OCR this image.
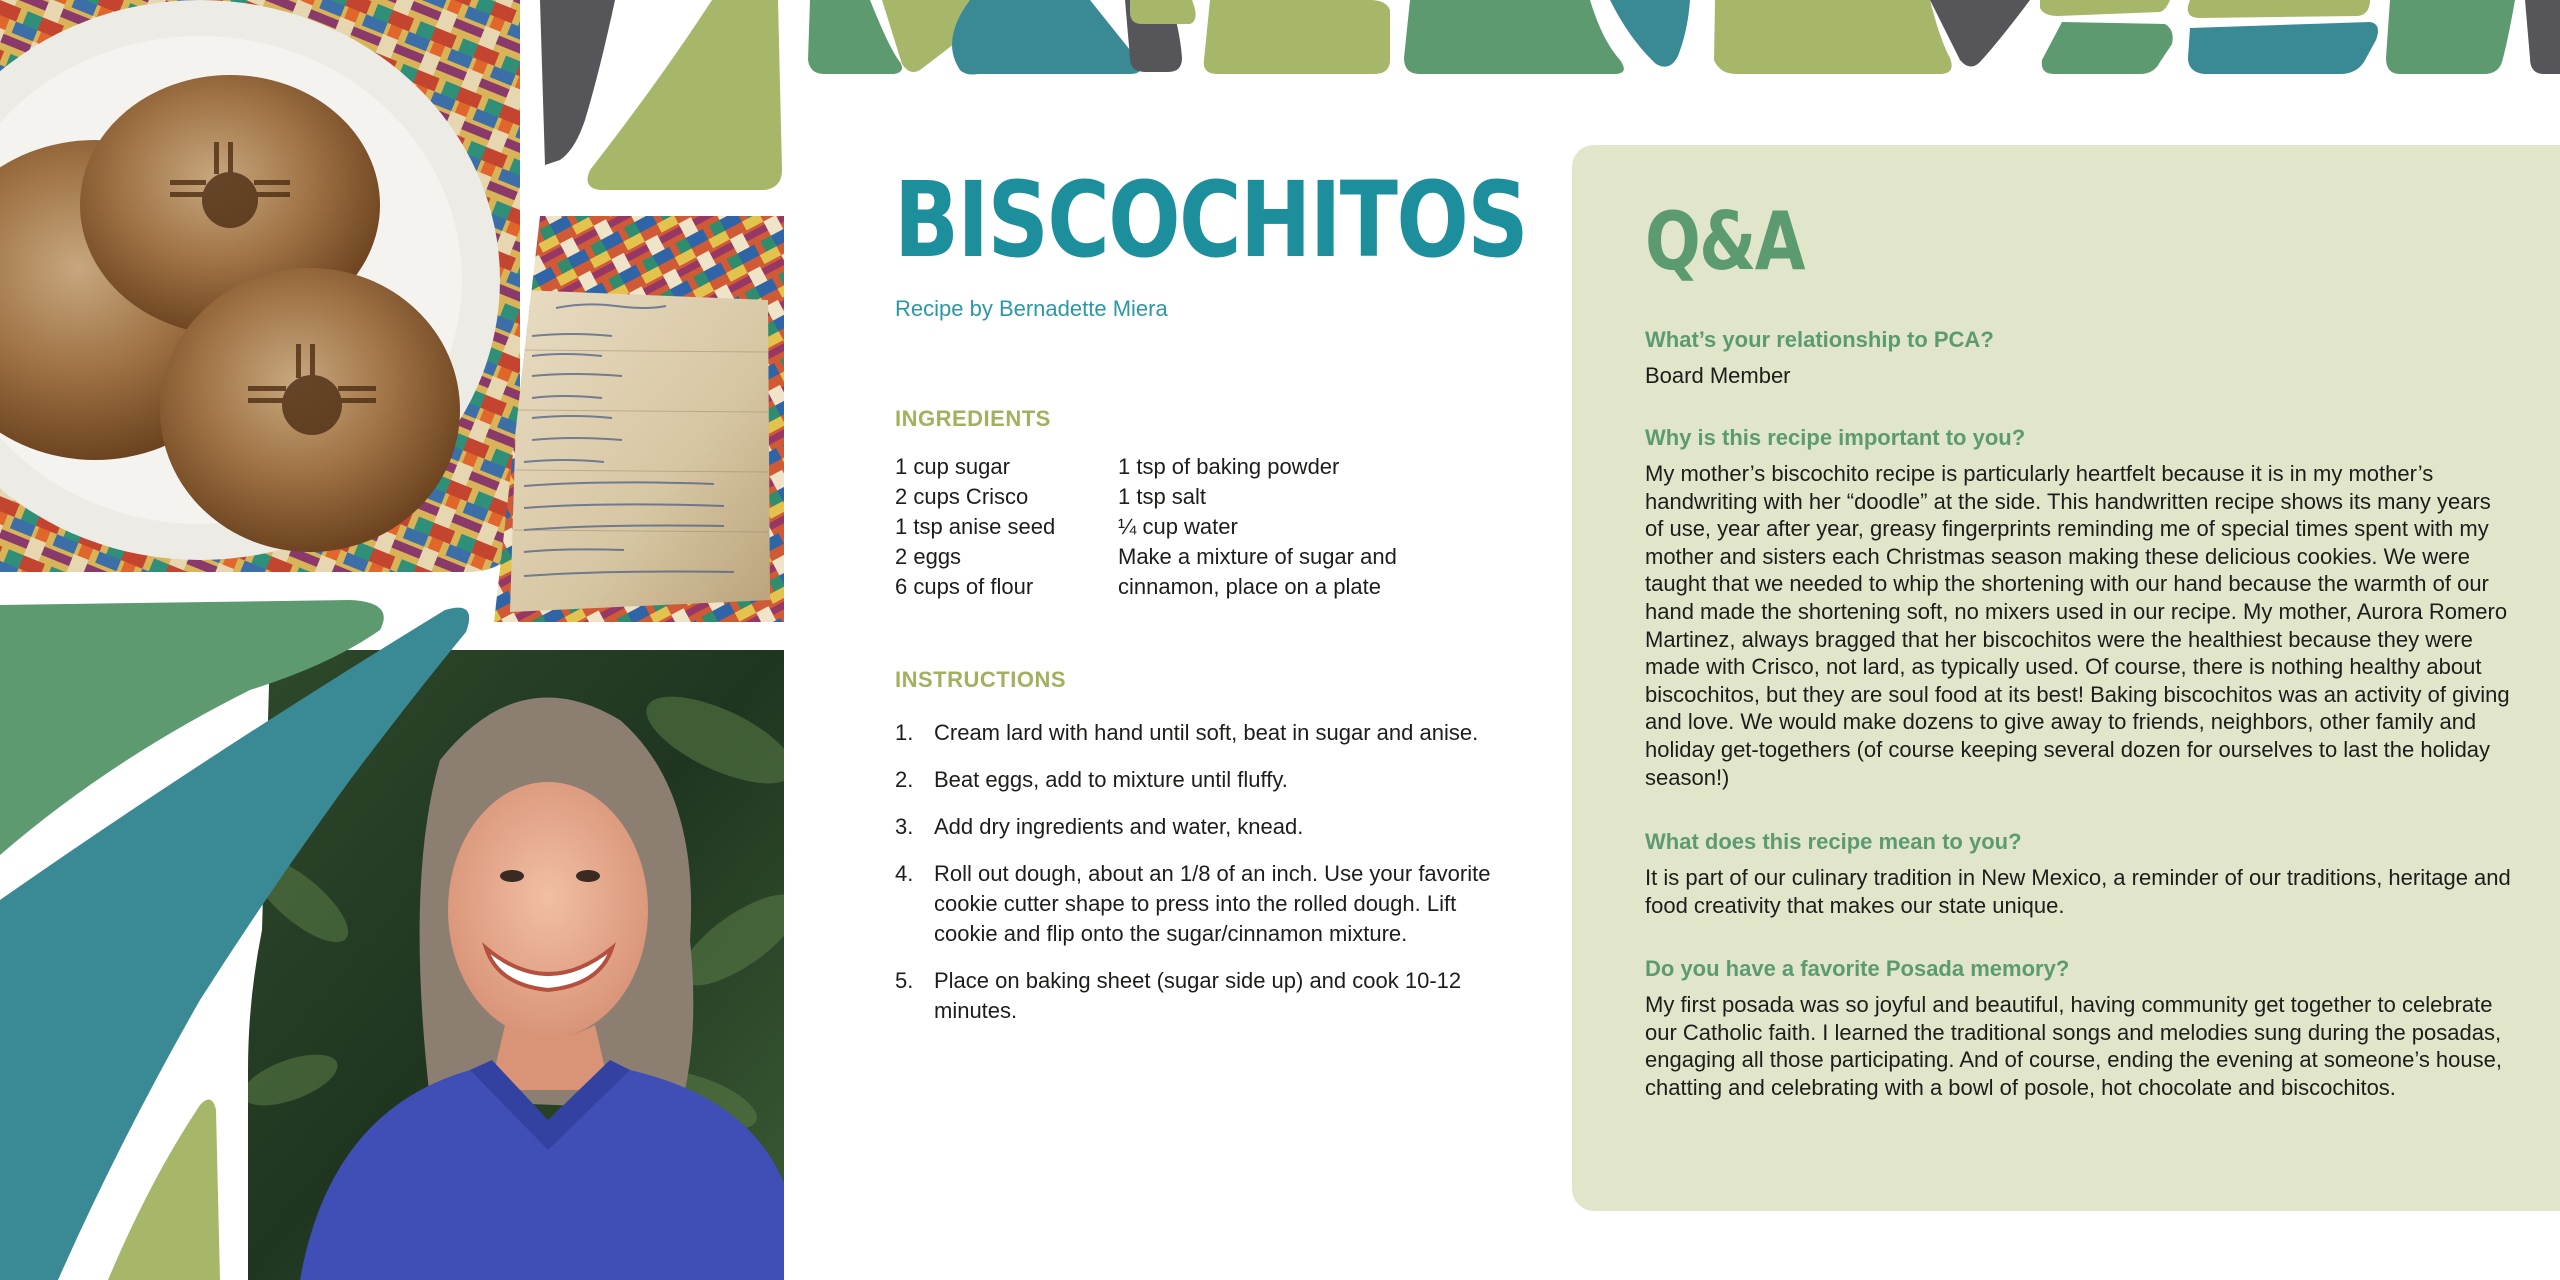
BISCOCHITOS
Recipe by Bernadette Miera
INGREDIENTS
1 cup sugar
2 cups Crisco
1 tsp anise seed
2 eggs
6 cups of flour
1 tsp of baking powder
1 tsp salt
¼ cup water
Make a mixture of sugar and
cinnamon, place on a plate
INSTRUCTIONS
1. Cream lard with hand until soft, beat in sugar and anise.
2. Beat eggs, add to mixture until fluffy.
3. Add dry ingredients and water, knead.
4. Roll out dough, about an 1/8 of an inch. Use your favorite cookie cutter shape to press into the rolled dough. Lift cookie and flip onto the sugar/cinnamon mixture.
5. Place on baking sheet (sugar side up) and cook 10-12 minutes.
Q&A

What’s your relationship to PCA?

Board Member

Why is this recipe important to you?

My mother’s biscochito recipe is particularly heartfelt because it is in my mother’s handwriting with her “doodle” at the side. This handwritten recipe shows its many years of use, year after year, greasy fingerprints reminding me of special times spent with my mother and sisters each Christmas season making these delicious cookies. We were taught that we needed to whip the shortening with our hand because the warmth of our hand made the shortening soft, no mixers used in our recipe. My mother, Aurora Romero Martinez, always bragged that her biscochitos were the healthiest because they were made with Crisco, not lard, as typically used. Of course, there is nothing healthy about biscochitos, but they are soul food at its best! Baking biscochitos was an activity of giving and love. We would make dozens to give away to friends, neighbors, other family and holiday get-togethers (of course keeping several dozen for ourselves to last the holiday season!)

What does this recipe mean to you?

It is part of our culinary tradition in New Mexico, a reminder of our traditions, heritage and food creativity that makes our state unique.

Do you have a favorite Posada memory?

My first posada was so joyful and beautiful, having community get together to celebrate our Catholic faith. I learned the traditional songs and melodies sung during the posadas, engaging all those participating. And of course, ending the evening at someone’s house, chatting and celebrating with a bowl of posole, hot chocolate and biscochitos.
